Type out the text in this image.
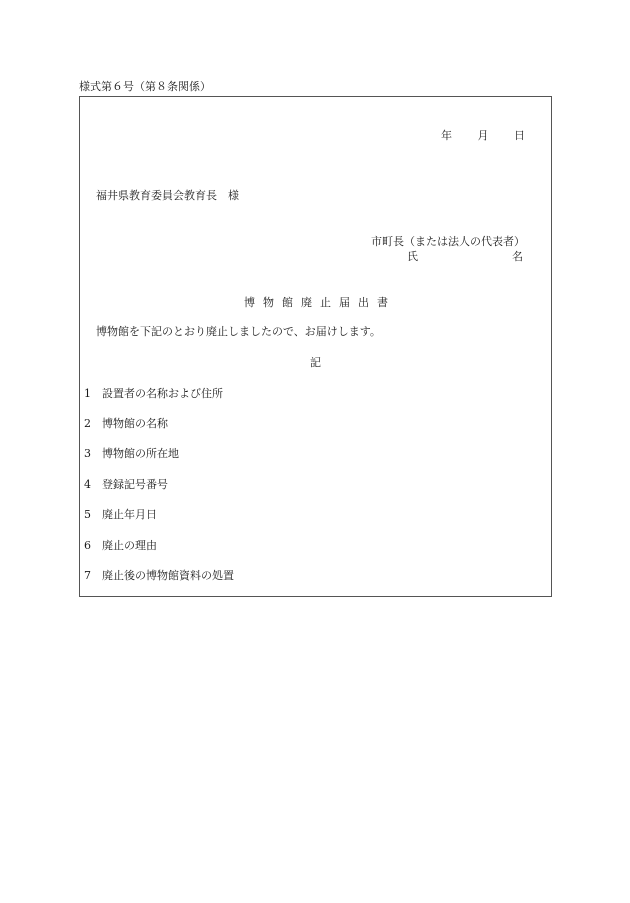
様式第６号（第８条関係）
年 月 日
福井県教育委員会教育長　様
市町長（または法人の代表者）
氏	名
博物館廃止届出書
博物館を下記のとおり廃止しましたので、お届けします。
記
1 設置者の名称および住所
2 博物館の名称
3 博物館の所在地
4 登録記号番号
5 廃止年月日
6 廃止の理由
7 廃止後の博物館資料の処置
